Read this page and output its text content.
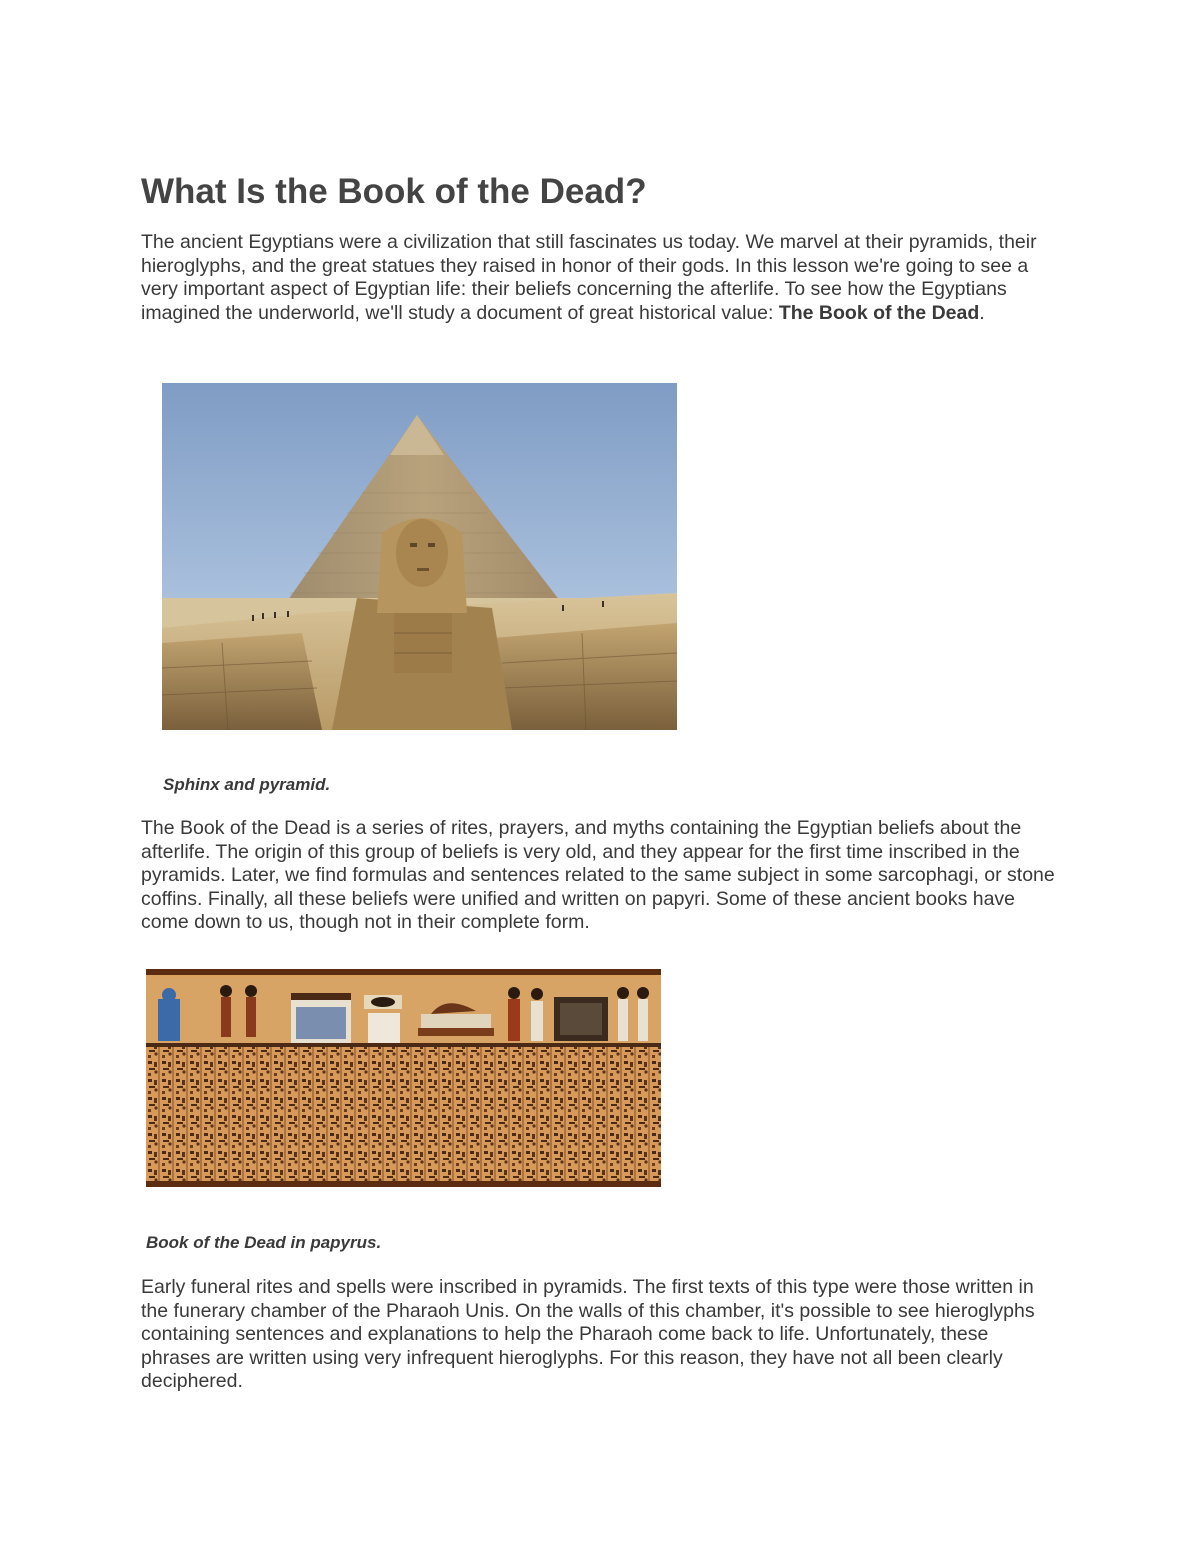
What Is the Book of the Dead?

The ancient Egyptians were a civilization that still fascinates us today. We marvel at their pyramids, their hieroglyphs, and the great statues they raised in honor of their gods. In this lesson we're going to see a very important aspect of Egyptian life: their beliefs concerning the afterlife. To see how the Egyptians imagined the underworld, we'll study a document of great historical value: The Book of the Dead.

Sphinx and pyramid.

The Book of the Dead is a series of rites, prayers, and myths containing the Egyptian beliefs about the afterlife. The origin of this group of beliefs is very old, and they appear for the first time inscribed in the pyramids. Later, we find formulas and sentences related to the same subject in some sarcophagi, or stone coffins. Finally, all these beliefs were unified and written on papyri. Some of these ancient books have come down to us, though not in their complete form.

Book of the Dead in papyrus.

Early funeral rites and spells were inscribed in pyramids. The first texts of this type were those written in the funerary chamber of the Pharaoh Unis. On the walls of this chamber, it's possible to see hieroglyphs containing sentences and explanations to help the Pharaoh come back to life. Unfortunately, these phrases are written using very infrequent hieroglyphs. For this reason, they have not all been clearly deciphered.
